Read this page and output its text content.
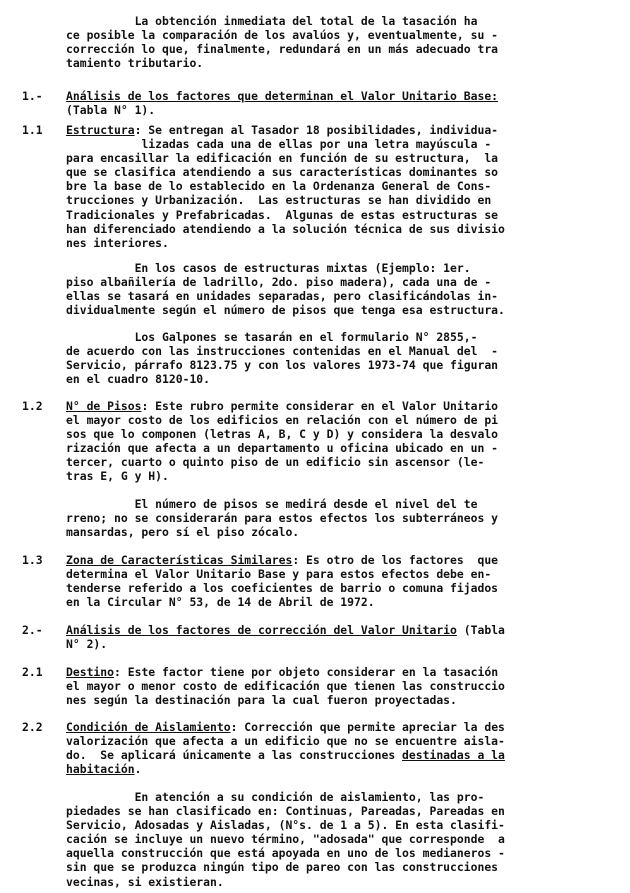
La obtención inmediata del total de la tasación ha
ce posible la comparación de los avalúos y, eventualmente, su -
corrección lo que, finalmente, redundará en un más adecuado tra
tamiento tributario.
1.- Análisis de los factores que determinan el Valor Unitario Base:
(Tabla N° 1).
1.1 Estructura: Se entregan al Tasador 18 posibilidades, individua-
lizadas cada una de ellas por una letra mayúscula -
para encasillar la edificación en función de su estructura,  la
que se clasifica atendiendo a sus características dominantes so
bre la base de lo establecido en la Ordenanza General de Cons-
trucciones y Urbanización.  Las estructuras se han dividido en
Tradicionales y Prefabricadas.  Algunas de estas estructuras se
han diferenciado atendiendo a la solución técnica de sus divisio
nes interiores.
En los casos de estructuras mixtas (Ejemplo: 1er.
piso albañilería de ladrillo, 2do. piso madera), cada una de -
ellas se tasará en unidades separadas, pero clasificándolas in-
dividualmente según el número de pisos que tenga esa estructura.
Los Galpones se tasarán en el formulario N° 2855,-
de acuerdo con las instrucciones contenidas en el Manual del  -
Servicio, párrafo 8123.75 y con los valores 1973-74 que figuran
en el cuadro 8120-10.
1.2 N° de Pisos: Este rubro permite considerar en el Valor Unitario
el mayor costo de los edificios en relación con el número de pi
sos que lo componen (letras A, B, C y D) y considera la desvalo
rización que afecta a un departamento u oficina ubicado en un -
tercer, cuarto o quinto piso de un edificio sin ascensor (le-
tras E, G y H).
El número de pisos se medirá desde el nivel del te
rreno; no se considerarán para estos efectos los subterráneos y
mansardas, pero sí el piso zócalo.
1.3 Zona de Características Similares: Es otro de los factores  que
determina el Valor Unitario Base y para estos efectos debe en-
tenderse referido a los coeficientes de barrio o comuna fijados
en la Circular N° 53, de 14 de Abril de 1972.
2.- Análisis de los factores de corrección del Valor Unitario (Tabla
N° 2).
2.1 Destino: Este factor tiene por objeto considerar en la tasación
el mayor o menor costo de edificación que tienen las construccio
nes según la destinación para la cual fueron proyectadas.
2.2 Condición de Aislamiento: Corrección que permite apreciar la des
valorización que afecta a un edificio que no se encuentre aisla-
do.  Se aplicará únicamente a las construcciones destinadas a la
habitación.
En atención a su condición de aislamiento, las pro-
piedades se han clasificado en: Continuas, Pareadas, Pareadas en
Servicio, Adosadas y Aisladas, (N°s. de 1 a 5). En esta clasifi-
cación se incluye un nuevo término, "adosada" que corresponde  a
aquella construcción que está apoyada en uno de los medianeros -
sin que se produzca ningún tipo de pareo con las construcciones
vecinas, si existieran.
